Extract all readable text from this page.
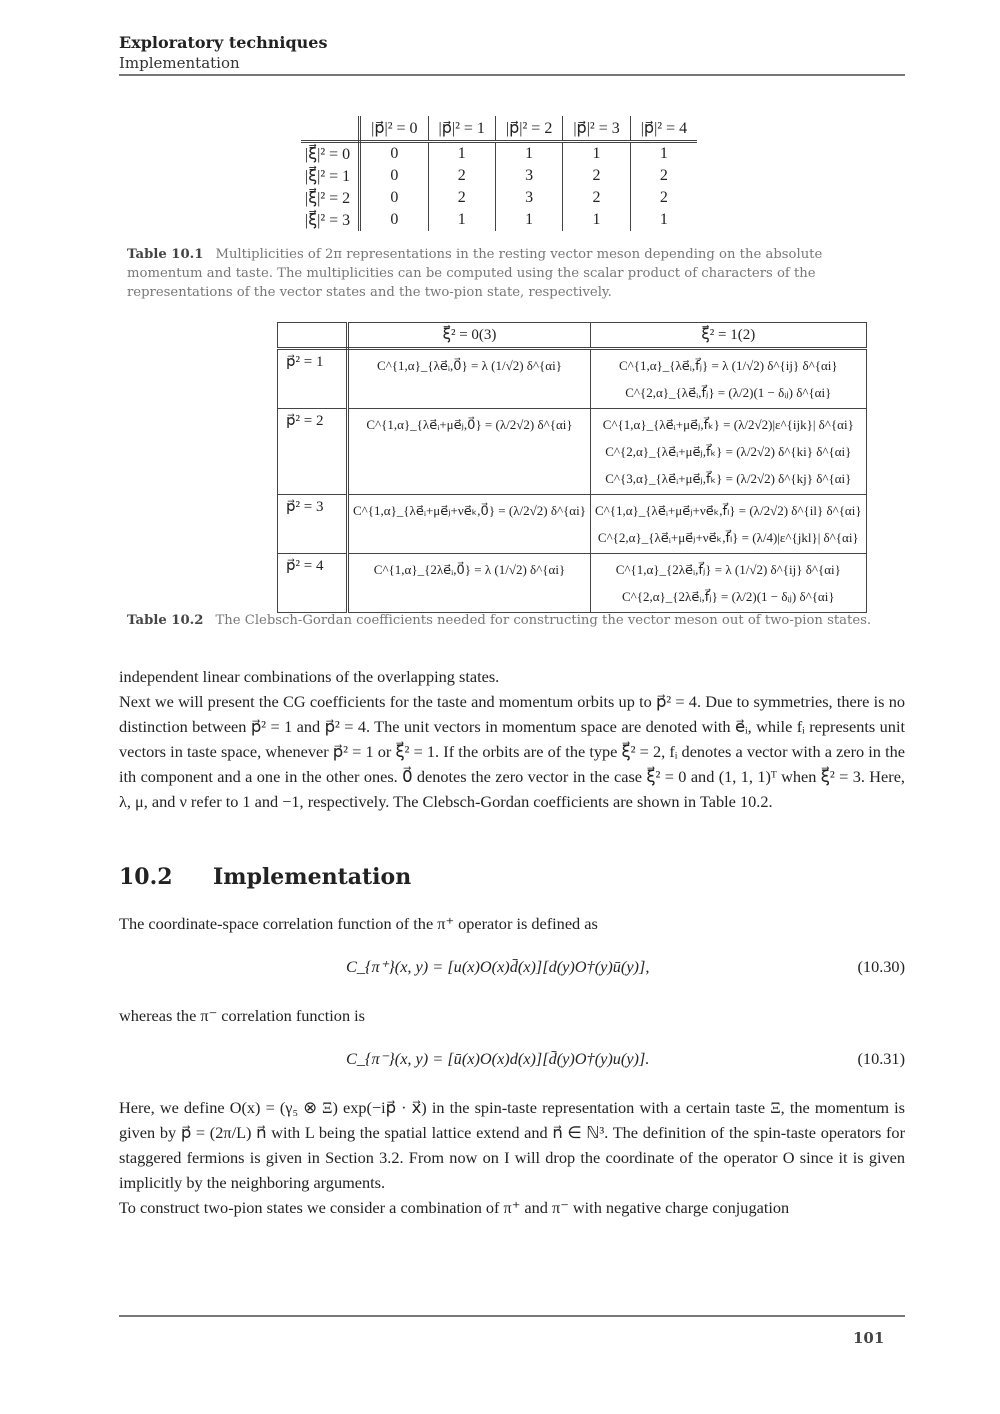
Exploratory techniques
Implementation
	|p⃗|² = 0	|p⃗|² = 1	|p⃗|² = 2	|p⃗|² = 3	|p⃗|² = 4
|ξ⃗|² = 0	0	1	1	1	1
|ξ⃗|² = 1	0	2	3	2	2
|ξ⃗|² = 2	0	2	3	2	2
|ξ⃗|² = 3	0	1	1	1	1
Table 10.1 Multiplicities of 2π representations in the resting vector meson depending on the absolute momentum and taste. The multiplicities can be computed using the scalar product of characters of the representations of the vector states and the two-pion state, respectively.
	ξ⃗² = 0(3)	ξ⃗² = 1(2)
p⃗² = 1	C^{1,α}_{λe⃗ᵢ,0⃗} = λ (1/√2) δ^{αi}	C^{1,α}_{λe⃗ᵢ,f⃗ⱼ} = λ (1/√2) δ^{ij} δ^{αi}
C^{2,α}_{λe⃗ᵢ,f⃗ⱼ} = (λ/2)(1 − δᵢⱼ) δ^{αi}

p⃗² = 2	C^{1,α}_{λe⃗ᵢ+μe⃗ⱼ,0⃗} = (λ/2√2) δ^{αi}	C^{1,α}_{λe⃗ᵢ+μe⃗ⱼ,f⃗ₖ} = (λ/2√2)|ε^{ijk}| δ^{αi}
C^{2,α}_{λe⃗ᵢ+μe⃗ⱼ,f⃗ₖ} = (λ/2√2) δ^{ki} δ^{αi}
C^{3,α}_{λe⃗ᵢ+μe⃗ⱼ,f⃗ₖ} = (λ/2√2) δ^{kj} δ^{αi}

p⃗² = 3	C^{1,α}_{λe⃗ᵢ+μe⃗ⱼ+νe⃗ₖ,0⃗} = (λ/2√2) δ^{αi}	C^{1,α}_{λe⃗ᵢ+μe⃗ⱼ+νe⃗ₖ,f⃗ₗ} = (λ/2√2) δ^{il} δ^{αi}
C^{2,α}_{λe⃗ᵢ+μe⃗ⱼ+νe⃗ₖ,f⃗ₗ} = (λ/4)|ε^{jkl}| δ^{αi}

p⃗² = 4	C^{1,α}_{2λe⃗ᵢ,0⃗} = λ (1/√2) δ^{αi}	C^{1,α}_{2λe⃗ᵢ,f⃗ⱼ} = λ (1/√2) δ^{ij} δ^{αi}
C^{2,α}_{2λe⃗ᵢ,f⃗ⱼ} = (λ/2)(1 − δᵢⱼ) δ^{αi}
Table 10.2 The Clebsch-Gordan coefficients needed for constructing the vector meson out of two-pion states.

independent linear combinations of the overlapping states.

Next we will present the CG coefficients for the taste and momentum orbits up to p⃗² = 4. Due to symmetries, there is no distinction between p⃗² = 1 and p⃗² = 4. The unit vectors in momentum space are denoted with e⃗ᵢ, while fᵢ represents unit vectors in taste space, whenever p⃗² = 1 or ξ⃗² = 1. If the orbits are of the type ξ⃗² = 2, fᵢ denotes a vector with a zero in the ith component and a one in the other ones. 0⃗ denotes the zero vector in the case ξ⃗² = 0 and (1, 1, 1)ᵀ when ξ⃗² = 3. Here, λ, μ, and ν refer to 1 and −1, respectively. The Clebsch-Gordan coefficients are shown in Table 10.2.

10.2 Implementation

The coordinate-space correlation function of the π⁺ operator is defined as

C_{π⁺}(x, y) = [u(x)O(x)d̄(x)][d(y)O†(y)ū(y)],	(10.30)

whereas the π⁻ correlation function is

C_{π⁻}(x, y) = [ū(x)O(x)d(x)][d̄(y)O†(y)u(y)].	(10.31)

Here, we define O(x) = (γ₅ ⊗ Ξ) exp(−ip⃗ · x⃗) in the spin-taste representation with a certain taste Ξ, the momentum is given by p⃗ = (2π/L) n⃗ with L being the spatial lattice extend and n⃗ ∈ ℕ³. The definition of the spin-taste operators for staggered fermions is given in Section 3.2. From now on I will drop the coordinate of the operator O since it is given implicitly by the neighboring arguments.

To construct two-pion states we consider a combination of π⁺ and π⁻ with negative charge conjugation

101
